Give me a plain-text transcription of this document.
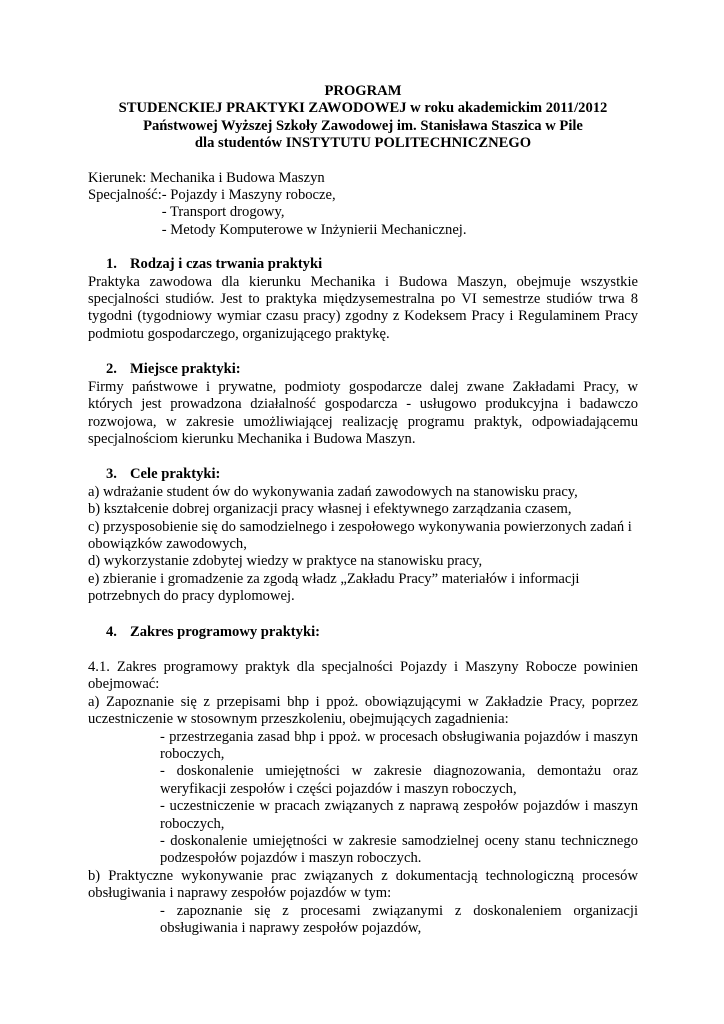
PROGRAM
STUDENCKIEJ PRAKTYKI ZAWODOWEJ w roku akademickim 2011/2012
Państwowej Wyższej Szkoły Zawodowej im. Stanisława Staszica w Pile
dla studentów INSTYTUTU POLITECHNICZNEGO

Kierunek: Mechanika i Budowa Maszyn

Specjalność: - Pojazdy i Maszyny robocze,
- Transport drogowy,
- Metody Komputerowe w Inżynierii Mechanicznej.
1. Rodzaj i czas trwania praktyki

Praktyka zawodowa dla kierunku Mechanika i Budowa Maszyn, obejmuje wszystkie specjalności studiów. Jest to praktyka międzysemestralna po VI semestrze studiów trwa 8 tygodni (tygodniowy wymiar czasu pracy) zgodny z Kodeksem Pracy i Regulaminem Pracy podmiotu gospodarczego, organizującego praktykę.

2. Miejsce praktyki:

Firmy państwowe i prywatne, podmioty gospodarcze dalej zwane Zakładami Pracy, w których jest prowadzona działalność gospodarcza - usługowo produkcyjna i badawczo rozwojowa, w zakresie umożliwiającej realizację programu praktyk, odpowiadającemu specjalnościom kierunku Mechanika i Budowa Maszyn.

3. Cele praktyki:

a) wdrażanie student ów do wykonywania zadań zawodowych na stanowisku pracy,

b) kształcenie dobrej organizacji pracy własnej i efektywnego zarządzania czasem,

c) przysposobienie się do samodzielnego i zespołowego wykonywania powierzonych zadań i obowiązków zawodowych,

d) wykorzystanie zdobytej wiedzy w praktyce na stanowisku pracy,

e) zbieranie i gromadzenie za zgodą władz „Zakładu Pracy” materiałów i informacji potrzebnych do pracy dyplomowej.

4. Zakres programowy praktyki:

4.1. Zakres programowy praktyk dla specjalności Pojazdy i Maszyny Robocze powinien obejmować:

a) Zapoznanie się z przepisami bhp i ppoż. obowiązującymi w Zakładzie Pracy, poprzez uczestniczenie w stosownym przeszkoleniu, obejmujących zagadnienia:

- przestrzegania zasad bhp i ppoż. w procesach obsługiwania pojazdów i maszyn roboczych,

- doskonalenie umiejętności w zakresie diagnozowania, demontażu oraz weryfikacji zespołów i części pojazdów i maszyn roboczych,

- uczestniczenie w pracach związanych z naprawą zespołów pojazdów i maszyn roboczych,

- doskonalenie umiejętności w zakresie samodzielnej oceny stanu technicznego podzespołów pojazdów i maszyn roboczych.

b) Praktyczne wykonywanie prac związanych z dokumentacją technologiczną procesów obsługiwania i naprawy zespołów pojazdów w tym:

- zapoznanie się z procesami związanymi z doskonaleniem organizacji obsługiwania i naprawy zespołów pojazdów,
